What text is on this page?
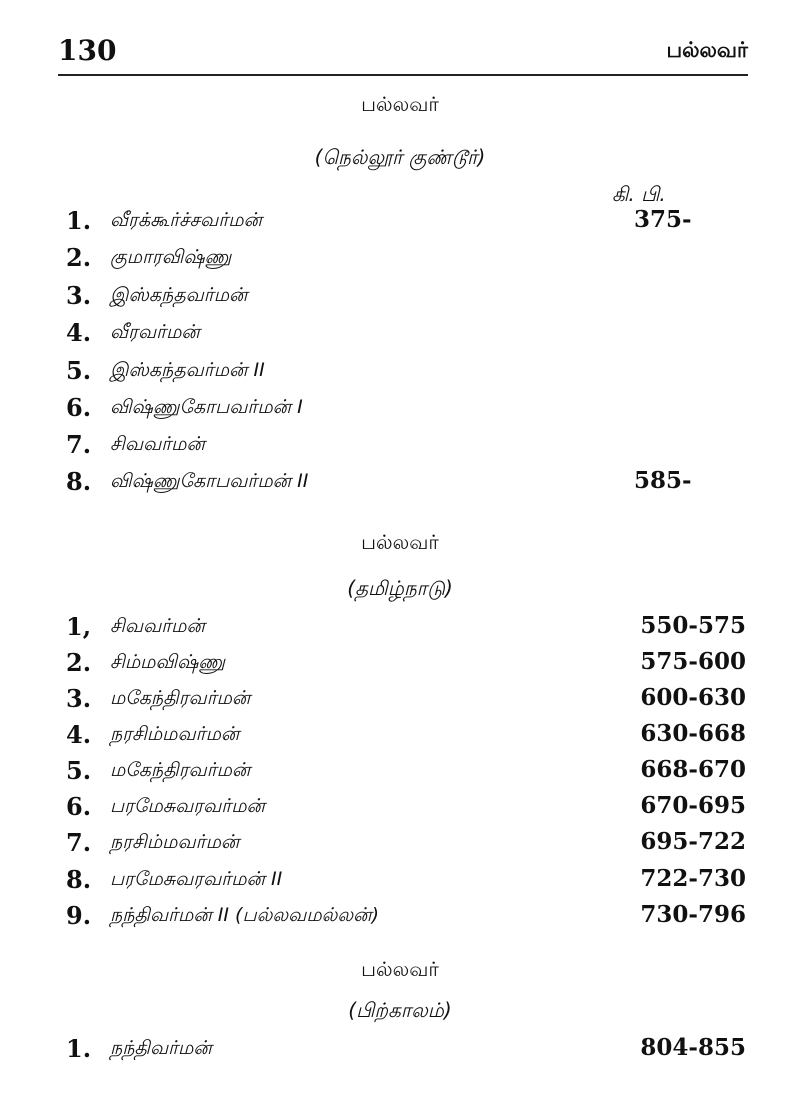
130	பல்லவர்
பல்லவர்
(நெல்லூர் குண்டூர்)
கி. பி.
1. வீரக்கூர்ச்சவர்மன்	375-
2. குமாரவிஷ்ணு
3. இஸ்கந்தவர்மன்
4. வீரவர்மன்
5. இஸ்கந்தவர்மன் II
6. விஷ்ணுகோபவர்மன் I
7. சிவவர்மன்
8. விஷ்ணுகோபவர்மன் II	585-
பல்லவர்
(தமிழ்நாடு)
1, சிவவர்மன்	550-575
2. சிம்மவிஷ்ணு	575-600
3. மகேந்திரவர்மன்	600-630
4. நரசிம்மவர்மன்	630-668
5. மகேந்திரவர்மன்	668-670
6. பரமேசுவரவர்மன்	670-695
7. நரசிம்மவர்மன்	695-722
8. பரமேசுவரவர்மன் II	722-730
9. நந்திவர்மன் II (பல்லவமல்லன்)	730-796
பல்லவர்
(பிற்காலம்)
1. நந்திவர்மன்	804-855
